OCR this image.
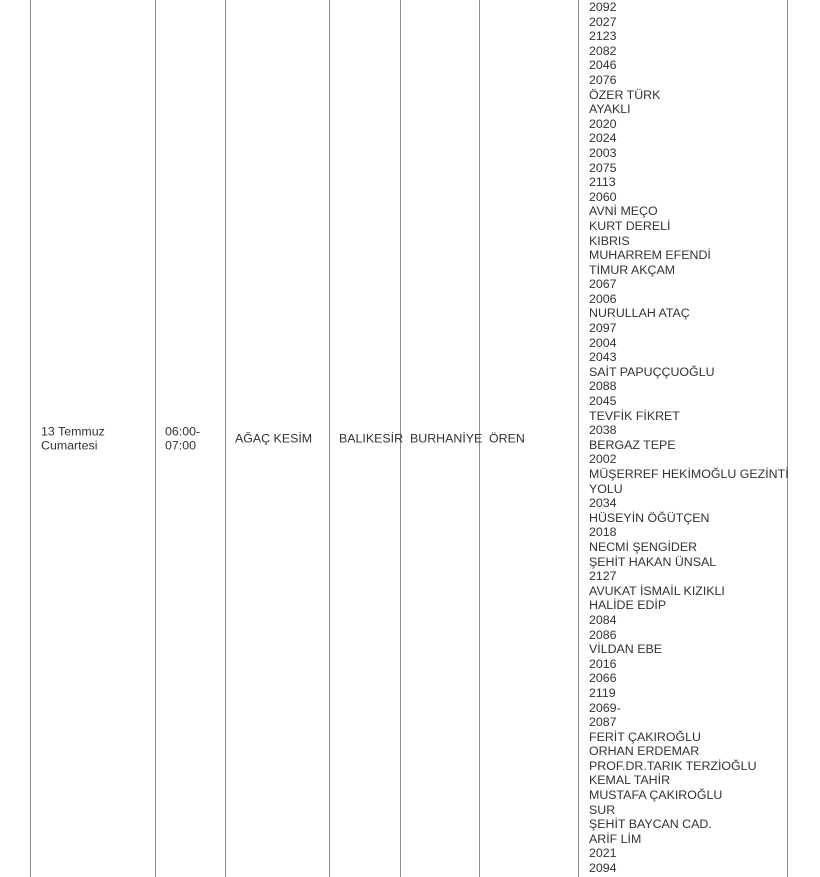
13 Temmuz
Cumartesi
06:00-
07:00
AĞAÇ KESİM BALIKESİR BURHANİYE ÖREN
2092
2027
2123
2082
2046
2076
ÖZER TÜRK
AYAKLI
2020
2024
2003
2075
2113
2060
AVNİ MEÇO
KURT DERELİ
KIBRIS
MUHARREM EFENDİ
TİMUR AKÇAM
2067
2006
NURULLAH ATAÇ
2097
2004
2043
SAİT PAPUÇÇUOĞLU
2088
2045
TEVFİK FİKRET
2038
BERGAZ TEPE
2002
MÜŞERREF HEKİMOĞLU GEZİNTİ
YOLU
2034
HÜSEYİN ÖĞÜTÇEN
2018
NECMİ ŞENGİDER
ŞEHİT HAKAN ÜNSAL
2127
AVUKAT İSMAİL KIZIKLI
HALİDE EDİP
2084
2086
VİLDAN EBE
2016
2066
2119
2069-
2087
FERİT ÇAKIROĞLU
ORHAN ERDEMAR
PROF.DR.TARIK TERZİOĞLU
KEMAL TAHİR
MUSTAFA ÇAKIROĞLU
SUR
ŞEHİT BAYCAN CAD.
ARİF LİM
2021
2094
